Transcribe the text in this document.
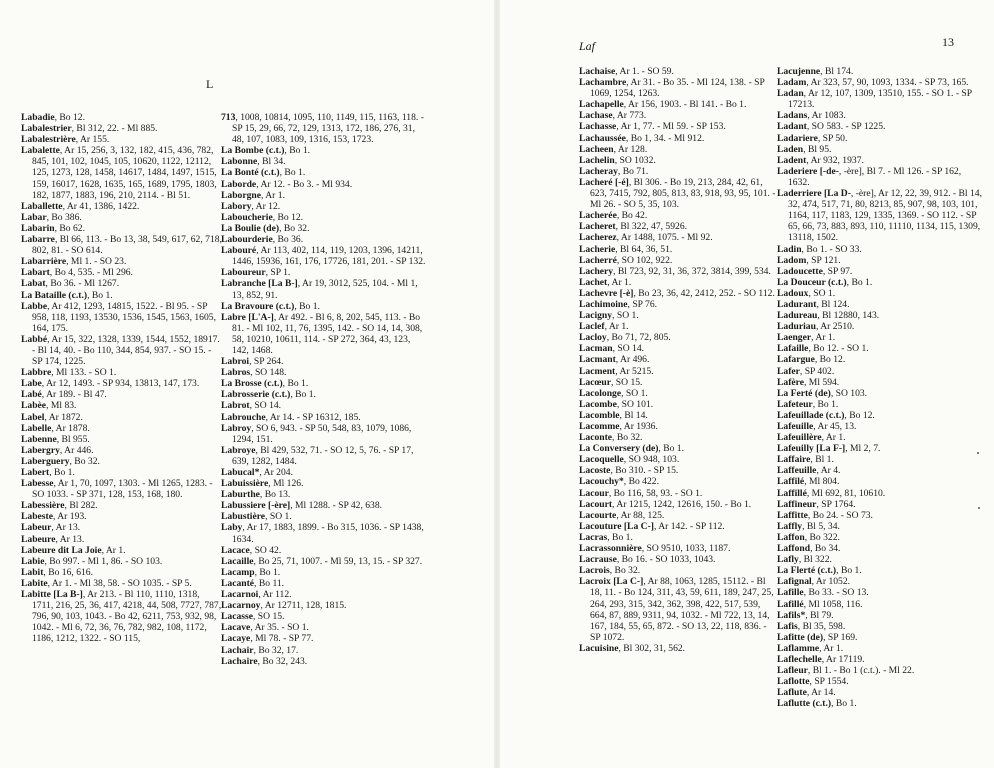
L
Labadie, Bo 12.
Labalestrier, Bl 312, 22. - Ml 885.
Labalestrière, Ar 155.
Labalette, Ar 15, 256, 3, 132, 182, 415, 436, 782, 845, 101, 102, 1045, 105, 10620, 1122, 12112, 125, 1273, 128, 1458, 14617, 1484, 1497, 1515, 159, 16017, 1628, 1635, 165, 1689, 1795, 1803, 182, 1877, 1883, 196, 210, 2114. - Bl 51.
Laballette, Ar 41, 1386, 1422.
Labar, Bo 386.
Labarin, Bo 62.
Labarre, Bl 66, 113. - Bo 13, 38, 549, 617, 62, 718, 802, 81. - SO 614.
Labarrière, Ml 1. - SO 23.
Labart, Bo 4, 535. - Ml 296.
Labat, Bo 36. - Ml 1267.
La Bataille (c.t.), Bo 1.
Labbe, Ar 412, 1293, 14815, 1522. - Bl 95. - SP 958, 118, 1193, 13530, 1536, 1545, 1563, 1605, 164, 175.
Labbé, Ar 15, 322, 1328, 1339, 1544, 1552, 18917. - Bl 14, 40. - Bo 110, 344, 854, 937. - SO 15. - SP 174, 1225.
Labbre, Ml 133. - SO 1.
Labe, Ar 12, 1493. - SP 934, 13813, 147, 173.
Labé, Ar 189. - Bl 47.
Labèe, Ml 83.
Label, Ar 1872.
Labelle, Ar 1878.
Labenne, Bl 955.
Labergry, Ar 446.
Laberguery, Bo 32.
Labert, Bo 1.
Labesse, Ar 1, 70, 1097, 1303. - Ml 1265, 1283. - SO 1033. - SP 371, 128, 153, 168, 180.
Labessière, Bl 282.
Labeste, Ar 193.
Labeur, Ar 13.
Labeure, Ar 13.
Labeure dit La Joie, Ar 1.
Labie, Bo 997. - Ml 1, 86. - SO 103.
Labit, Bo 16, 616.
Labite, Ar 1. - Ml 38, 58. - SO 1035. - SP 5.
Labitte [La B-], Ar 213. - Bl 110, 1110, 1318, 1711, 216, 25, 36, 417, 4218, 44, 508, 7727, 787, 796, 90, 103, 1043. - Bo 42, 6211, 753, 932, 98, 1042. - Ml 6, 72, 36, 76, 782, 982, 108, 1172, 1186, 1212, 1322. - SO 115,
713, 1008, 10814, 1095, 110, 1149, 115, 1163, 118. - SP 15, 29, 66, 72, 129, 1313, 172, 186, 276, 31, 48, 107, 1083, 109, 1316, 153, 1723.
La Bombe (c.t.), Bo 1.
Labonne, Bl 34.
La Bonté (c.t.), Bo 1.
Laborde, Ar 12. - Bo 3. - Ml 934.
Laborgne, Ar 1.
Labory, Ar 12.
Laboucherie, Bo 12.
La Boulie (de), Bo 32.
Labourderie, Bo 36.
Labouré, Ar 113, 402, 114, 119, 1203, 1396, 14211, 1446, 15936, 161, 176, 17726, 181, 201. - SP 132.
Laboureur, SP 1.
Labranche [La B-], Ar 19, 3012, 525, 104. - Ml 1, 13, 852, 91.
La Bravoure (c.t.), Bo 1.
Labre [L'A-], Ar 492. - Bl 6, 8, 202, 545, 113. - Bo 81. - Ml 102, 11, 76, 1395, 142. - SO 14, 14, 308, 58, 10210, 10611, 114. - SP 272, 364, 43, 123, 142, 1468.
Labroi, SP 264.
Labros, SO 148.
La Brosse (c.t.), Bo 1.
Labrosserie (c.t.), Bo 1.
Labrot, SO 14.
Labrouche, Ar 14. - SP 16312, 185.
Labroy, SO 6, 943. - SP 50, 548, 83, 1079, 1086, 1294, 151.
Labroye, Bl 429, 532, 71. - SO 12, 5, 76. - SP 17, 639, 1282, 1484.
Labucal*, Ar 204.
Labuissière, Ml 126.
Laburthe, Bo 13.
Labussiere [-ère], Ml 1288. - SP 42, 638.
Labustière, SO 1.
Laby, Ar 17, 1883, 1899. - Bo 315, 1036. - SP 1438, 1634.
Lacace, SO 42.
Lacaille, Bo 25, 71, 1007. - Ml 59, 13, 15. - SP 327.
Lacamp, Bo 1.
Lacanté, Bo 11.
Lacarnoi, Ar 112.
Lacarnoy, Ar 12711, 128, 1815.
Lacasse, SO 15.
Lacave, Ar 35. - SO 1.
Lacaye, Ml 78. - SP 77.
Lachair, Bo 32, 17.
Lachaire, Bo 32, 243.
Laf	13
Lachaise, Ar 1. - SO 59.
Lachambre, Ar 31. - Bo 35. - Ml 124, 138. - SP 1069, 1254, 1263.
Lachapelle, Ar 156, 1903. - Bl 141. - Bo 1.
Lachase, Ar 773.
Lachasse, Ar 1, 77. - Ml 59. - SP 153.
Lachaussée, Bo 1, 34. - Ml 912.
Lacheen, Ar 128.
Lachelin, SO 1032.
Lacheray, Bo 71.
Lacheré [-é], Bl 306. - Bo 19, 213, 284, 42, 61, 623, 7415, 792, 805, 813, 83, 918, 93, 95, 101. - Ml 26. - SO 5, 35, 103.
Lacherée, Bo 42.
Lacheret, Bl 322, 47, 5926.
Lacherez, Ar 1488, 1075. - Ml 92.
Lacherie, Bl 64, 36, 51.
Lacherré, SO 102, 922.
Lachery, Bl 723, 92, 31, 36, 372, 3814, 399, 534.
Lachet, Ar 1.
Lachevre [-è], Bo 23, 36, 42, 2412, 252. - SO 112.
Lachimoine, SP 76.
Lacigny, SO 1.
Laclef, Ar 1.
Lacloy, Bo 71, 72, 805.
Lacman, SO 14.
Lacmant, Ar 496.
Lacment, Ar 5215.
Lacœur, SO 15.
Lacolonge, SO 1.
Lacombe, SO 101.
Lacomble, Bl 14.
Lacomme, Ar 1936.
Laconte, Bo 32.
La Conversery (de), Bo 1.
Lacoquelle, SO 948, 103.
Lacoste, Bo 310. - SP 15.
Lacouchy*, Bo 422.
Lacour, Bo 116, 58, 93. - SO 1.
Lacourt, Ar 1215, 1242, 12616, 150. - Bo 1.
Lacourte, Ar 88, 125.
Lacouture [La C-], Ar 142. - SP 112.
Lacras, Bo 1.
Lacrassonnière, SO 9510, 1033, 1187.
Lacrause, Bo 16. - SO 1033, 1043.
Lacrois, Bo 32.
Lacroix [La C-], Ar 88, 1063, 1285, 15112. - Bl 18, 11. - Bo 124, 311, 43, 59, 611, 189, 247, 25, 264, 293, 315, 342, 362, 398, 422, 517, 539, 664, 87, 889, 9311, 94, 1032. - Ml 722, 13, 14, 167, 184, 55, 65, 872. - SO 13, 22, 118, 836. - SP 1072.
Lacuisine, Bl 302, 31, 562.
Lacujenne, Bl 174.
Ladam, Ar 323, 57, 90, 1093, 1334. - SP 73, 165.
Ladan, Ar 12, 107, 1309, 13510, 155. - SO 1. - SP 17213.
Ladans, Ar 1083.
Ladant, SO 583. - SP 1225.
Ladariere, SP 50.
Laden, Bl 95.
Ladent, Ar 932, 1937.
Laderiere [-de-, -ère], Bl 7. - Ml 126. - SP 162, 1632.
Laderriere [La D-, -ère], Ar 12, 22, 39, 912. - Bl 14, 32, 474, 517, 71, 80, 8213, 85, 907, 98, 103, 101, 1164, 117, 1183, 129, 1335, 1369. - SO 112. - SP 65, 66, 73, 883, 893, 110, 11110, 1134, 115, 1309, 13118, 1502.
Ladin, Bo 1. - SO 33.
Ladom, SP 121.
Ladoucette, SP 97.
La Douceur (c.t.), Bo 1.
Ladoux, SO 1.
Ladurant, Bl 124.
Ladureau, Bl 12880, 143.
Laduriau, Ar 2510.
Laenger, Ar 1.
Lafaille, Bo 12. - SO 1.
Lafargue, Bo 12.
Lafer, SP 402.
Lafère, Ml 594.
La Ferté (de), SO 103.
Lafeteur, Bo 1.
Lafeuillade (c.t.), Bo 12.
Lafeuille, Ar 45, 13.
Lafeuillère, Ar 1.
Lafeuilly [La F-], Ml 2, 7.
Laffaire, Bl 1.
Laffeuille, Ar 4.
Laffilé, Ml 804.
Laffillé, Ml 692, 81, 10610.
Laffineur, SP 1764.
Laffitte, Bo 24. - SO 73.
Laffly, Bl 5, 34.
Laffon, Bo 322.
Laffond, Bo 34.
Lafly, Bl 322.
La Flerté (c.t.), Bo 1.
Lafignal, Ar 1052.
Lafille, Bo 33. - SO 13.
Lafillé, Ml 1058, 116.
Lafils*, Bl 79.
Lafis, Bl 35, 598.
Lafitte (de), SP 169.
Laflamme, Ar 1.
Laflechelle, Ar 17119.
Lafleur, Bl 1. - Bo 1 (c.t.). - Ml 22.
Laflotte, SP 1554.
Laflute, Ar 14.
Laflutte (c.t.), Bo 1.
